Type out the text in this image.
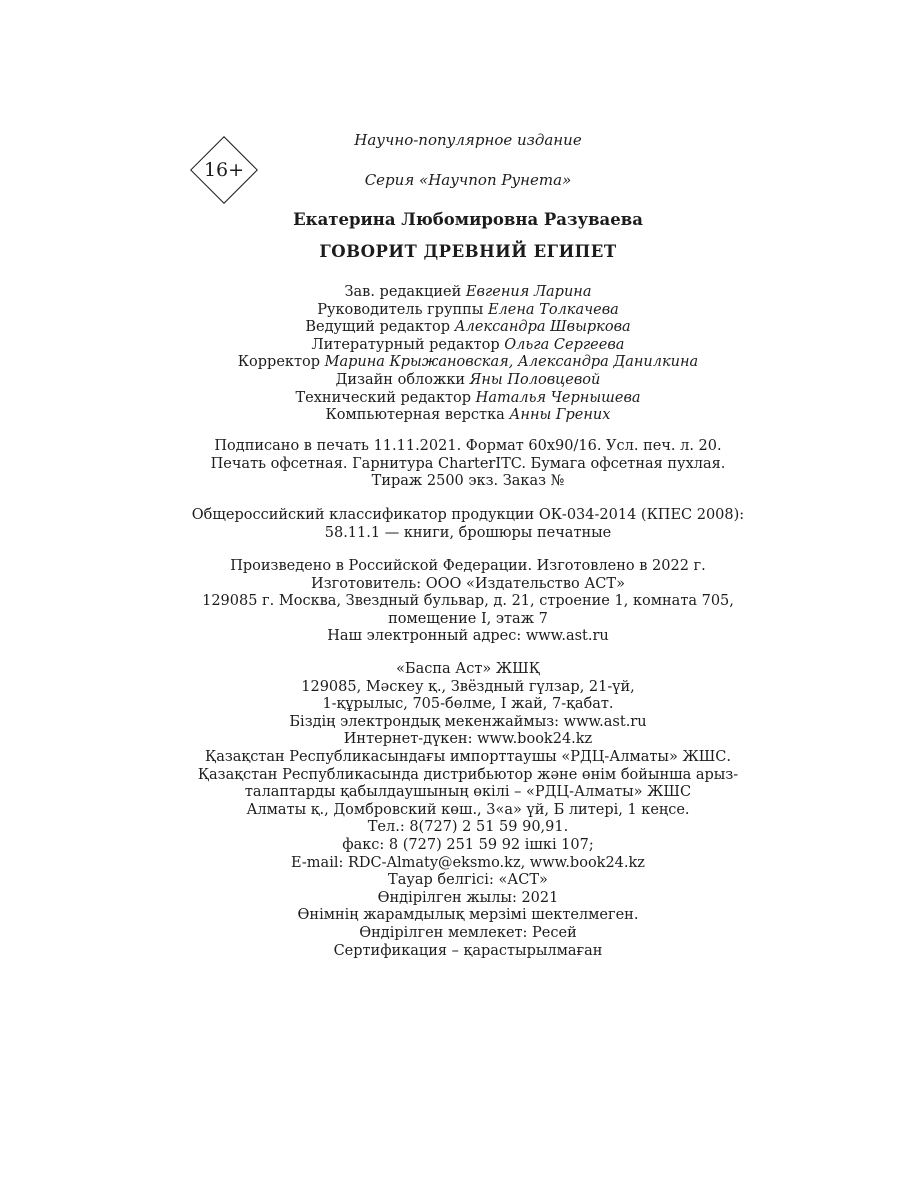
16+
Научно-популярное издание
Серия «Научпоп Рунета»
Екатерина Любомировна Разуваева
ГОВОРИТ ДРЕВНИЙ ЕГИПЕТ
Зав. редакцией Евгения Ларина
Руководитель группы Елена Толкачева
Ведущий редактор Александра Швыркова
Литературный редактор Ольга Сергеева
Корректор Марина Крыжановская, Александра Данилкина
Дизайн обложки Яны Половцевой
Технический редактор Наталья Чернышева
Компьютерная верстка Анны Грених
Подписано в печать 11.11.2021. Формат 60х90/16. Усл. печ. л. 20.
Печать офсетная. Гарнитура CharterITC. Бумага офсетная пухлая.
Тираж 2500 экз. Заказ №
Общероссийский классификатор продукции ОК-034-2014 (КПЕС 2008):
58.11.1 — книги, брошюры печатные
Произведено в Российской Федерации. Изготовлено в 2022 г.
Изготовитель: ООО «Издательство АСТ»
129085 г. Москва, Звездный бульвар, д. 21, строение 1, комната 705,
помещение I, этаж 7
Наш электронный адрес: www.ast.ru
«Баспа Аст» ЖШҚ
129085, Мәскеу қ., Звёздный гүлзар, 21-үй,
1-құрылыс, 705-бөлме, I жай, 7-қабат.
Біздің электрондық мекенжаймыз: www.ast.ru
Интернет-дүкен: www.book24.kz
Қазақстан Республикасындағы импорттаушы «РДЦ-Алматы» ЖШС.
Қазақстан Республикасында дистрибьютор және өнім бойынша арыз-
талаптарды қабылдаушының өкілі – «РДЦ-Алматы» ЖШС
Алматы қ., Домбровский көш., 3«а» үй, Б литері, 1 кеңсе.
Тел.: 8(727) 2 51 59 90,91.
факс: 8 (727) 251 59 92 ішкі 107;
E-mail: RDC-Almaty@eksmo.kz, www.book24.kz
Тауар белгісі: «АСТ»
Өндірілген жылы: 2021
Өнімнің жарамдылық мерзімі шектелмеген.
Өндірілген мемлекет: Ресей
Сертификация – қарастырылмаған
